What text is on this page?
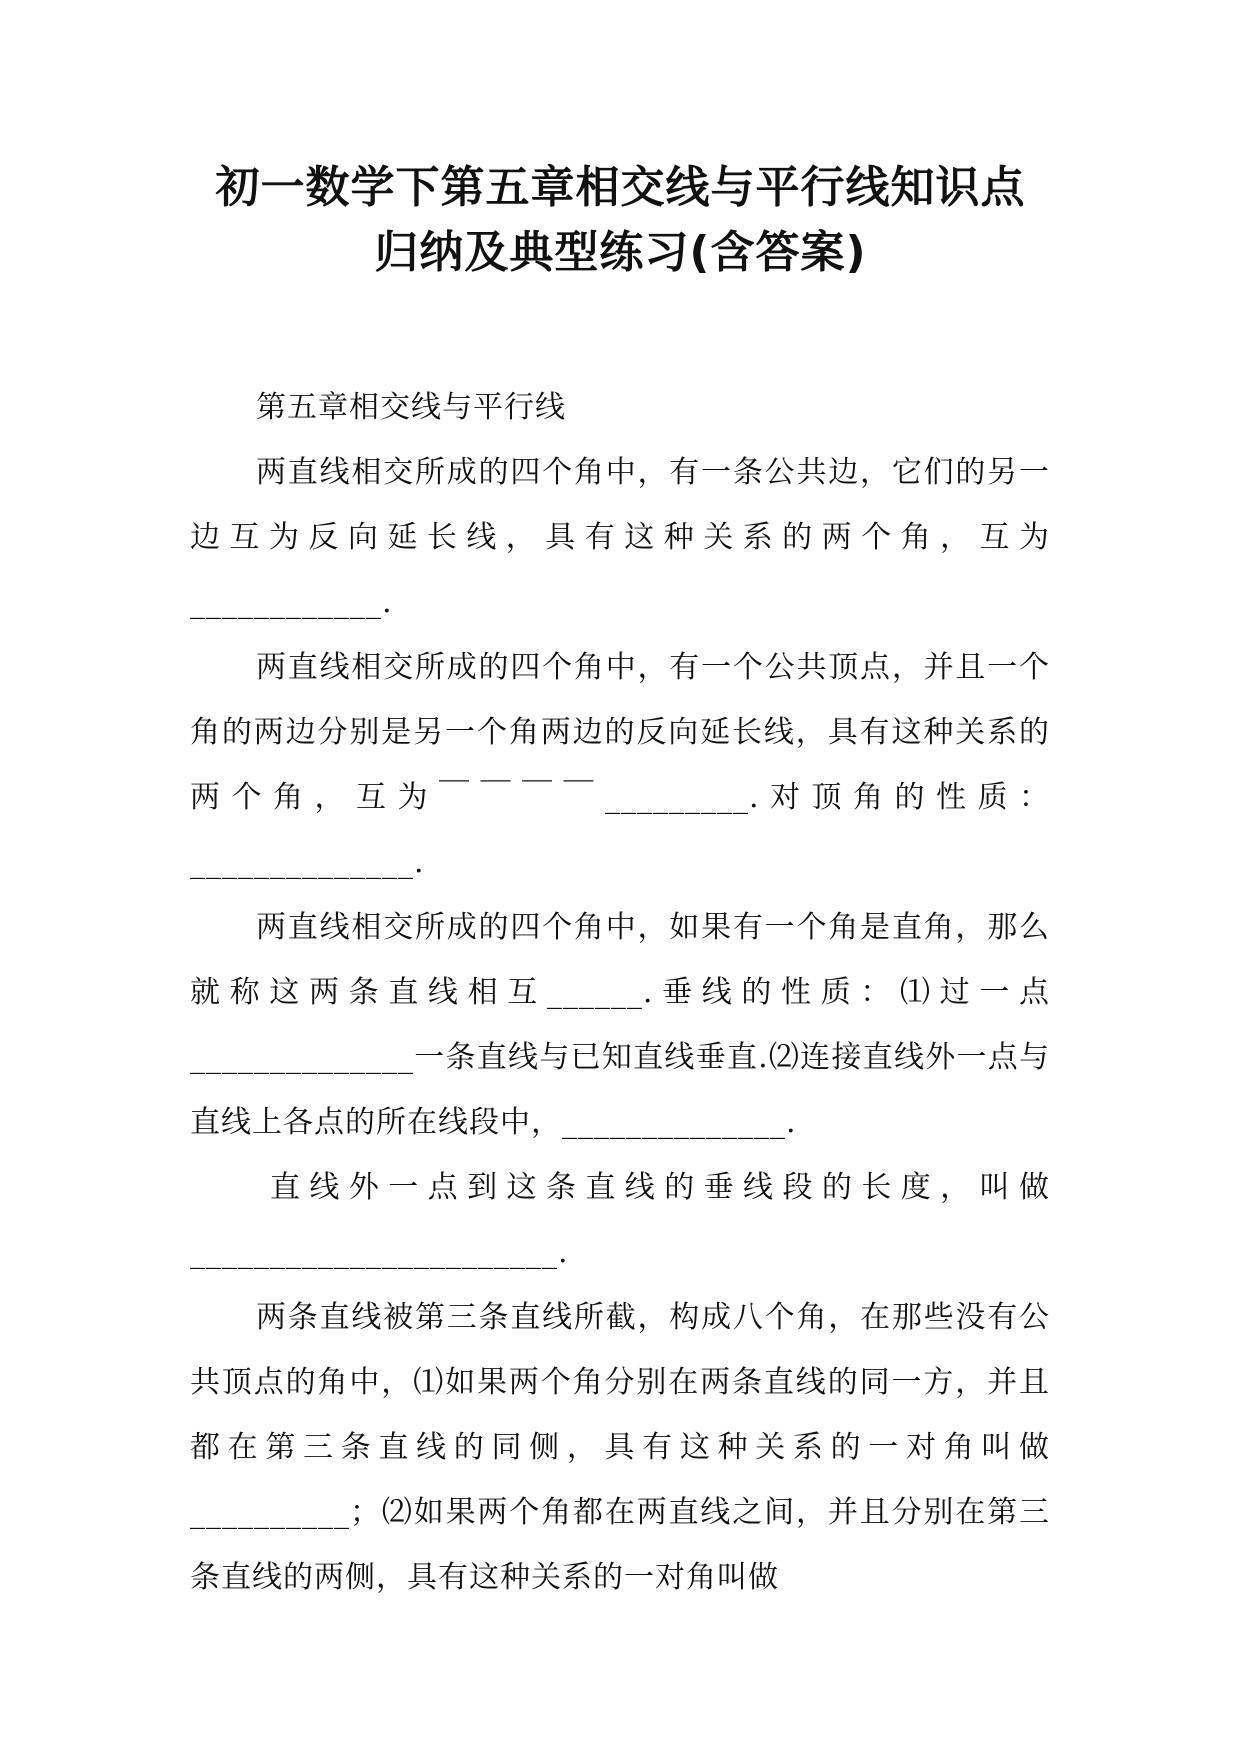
初一数学下第五章相交线与平行线知识点
归纳及典型练习(含答案)

第五章相交线与平行线

两直线相交所成的四个角中，有一条公共边，它们的另一边互为反向延长线，具有这种关系的两个角，互为 ____________.

两直线相交所成的四个角中，有一个公共顶点，并且一个角的两边分别是另一个角两边的反向延长线，具有这种关系的两个角，互为￣￣￣￣_________.对顶角的性质：______________.

两直线相交所成的四个角中，如果有一个角是直角，那么就称这两条直线相互______.垂线的性质：⑴过一点______________一条直线与已知直线垂直.⑵连接直线外一点与直线上各点的所在线段中，______________.

直线外一点到这条直线的垂线段的长度，叫做_______________________.

两条直线被第三条直线所截，构成八个角，在那些没有公共顶点的角中，⑴如果两个角分别在两条直线的同一方，并且都在第三条直线的同侧，具有这种关系的一对角叫做__________；⑵如果两个角都在两直线之间，并且分别在第三条直线的两侧，具有这种关系的一对角叫做
